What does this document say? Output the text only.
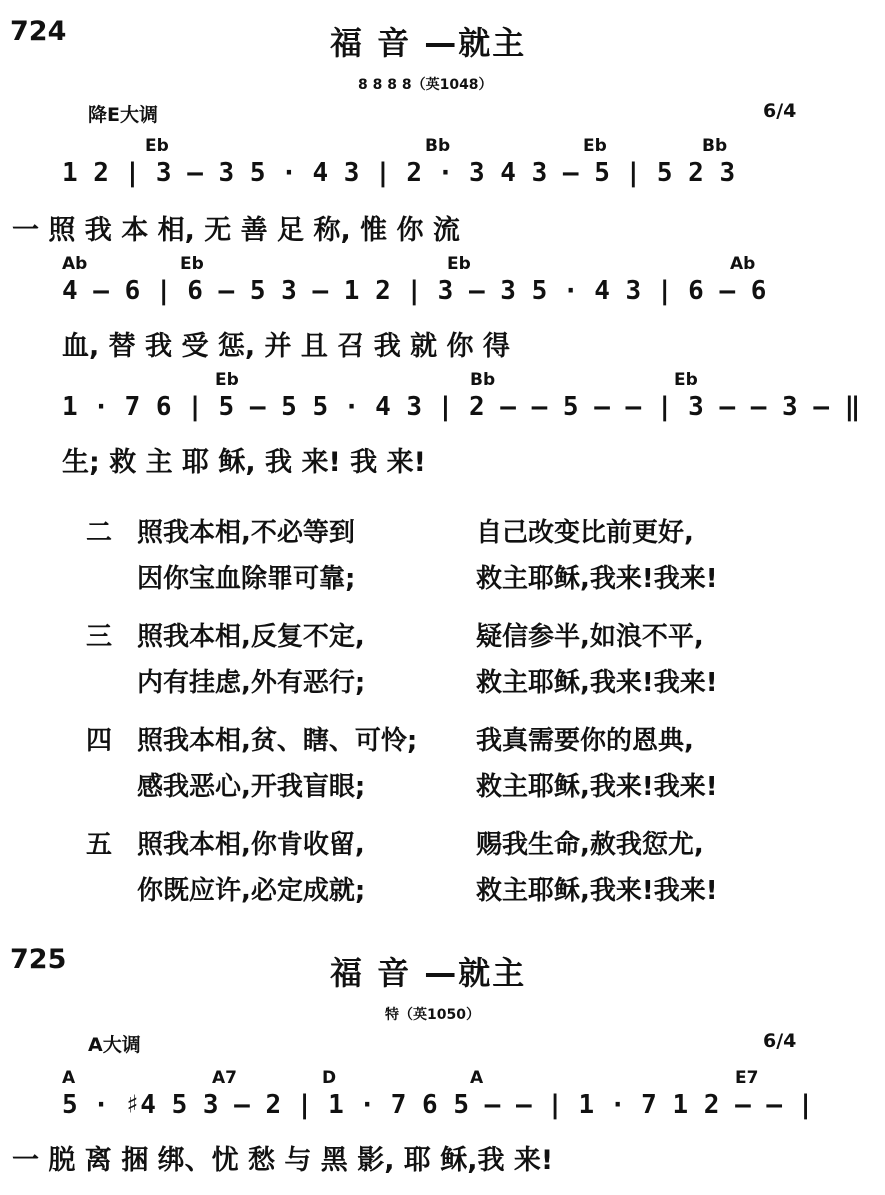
724	福 音 —就主
8 8 8 8（英1048）
降E大调	6/4
Eb	Bb	Eb	Bb
1 2 | 3 – 3 5 · 4 3 | 2 · 3 4 3 – 5 | 5 2 3
一 照 我 本 相, 无 善 足 称, 惟 你 流
Ab	Eb	Eb	Ab
4 – 6 | 6 – 5 3 – 1 2 | 3 – 3 5 · 4 3 | 6 – 6
血, 替 我 受 惩, 并 且 召 我 就 你 得
Eb	Bb	Eb
1 · 7 6 | 5 – 5 5 · 4 3 | 2 – – 5 – – | 3 – – 3 – ‖
生; 救 主 耶 稣, 我 来! 我 来!
二 照我本相,不必等到	自己改变比前更好,
因你宝血除罪可靠;	救主耶稣,我来!我来!
三 照我本相,反复不定,	疑信参半,如浪不平,
内有挂虑,外有恶行;	救主耶稣,我来!我来!
四 照我本相,贫、瞎、可怜; 我真需要你的恩典,
感我恶心,开我盲眼;	救主耶稣,我来!我来!
五 照我本相,你肯收留,	赐我生命,赦我愆尤,
你既应许,必定成就;	救主耶稣,我来!我来!
725	福 音 —就主
特（英1050）
A大调	6/4
A	A7	D	A	E7
5 · ♯4 5 3 – 2 | 1 · 7 6 5 – – | 1 · 7 1 2 – – |
一 脱 离 捆 绑、忧 愁 与 黑 影, 耶 稣,我 来!
